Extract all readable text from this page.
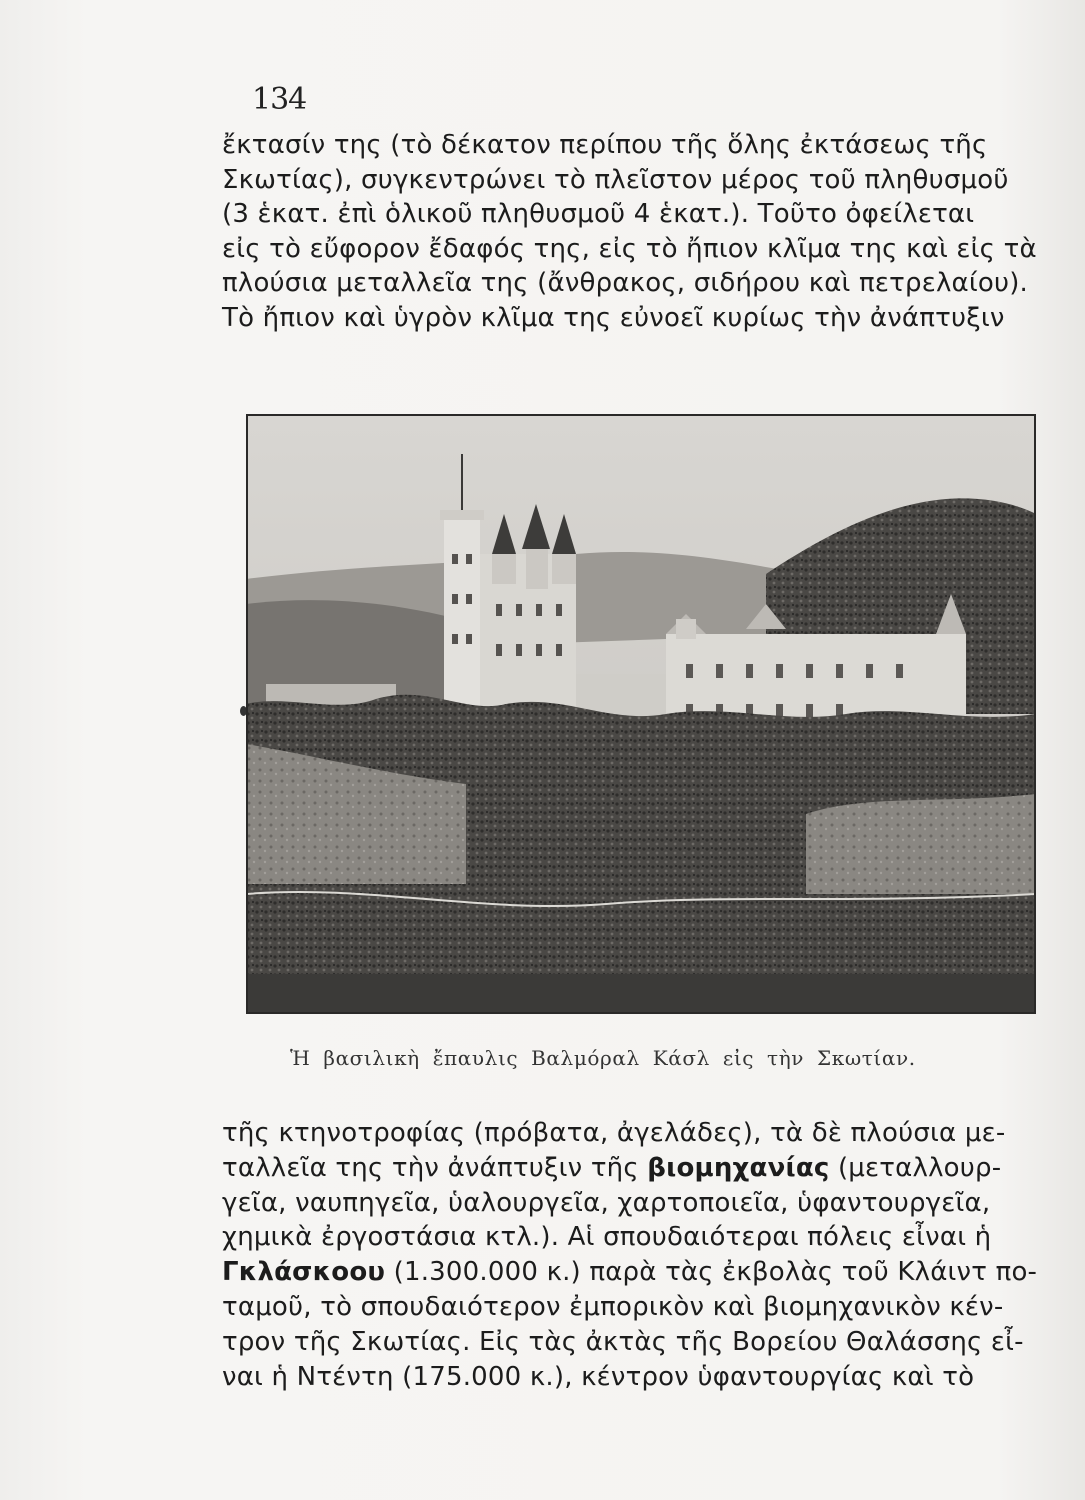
134
ἔκτασίν της (τὸ δέκατον περίπου τῆς ὅλης ἐκτάσεως τῆς
Σκωτίας), συγκεντρώνει τὸ πλεῖστον μέρος τοῦ πληθυσμοῦ
(3 ἑκατ. ἐπὶ ὁλικοῦ πληθυσμοῦ 4 ἑκατ.). Τοῦτο ὀφείλεται
εἰς τὸ εὔφορον ἔδαφός της, εἰς τὸ ἤπιον κλῖμα της καὶ εἰς τὰ
πλούσια μεταλλεῖα της (ἄνθρακος, σιδήρου καὶ πετρελαίου).
Τὸ ἤπιον καὶ ὑγρὸν κλῖμα της εὐνοεῖ κυρίως τὴν ἀνάπτυξιν
Ἡ βασιλικὴ ἔπαυλις Βαλμόραλ Κάσλ εἰς τὴν Σκωτίαν.
τῆς κτηνοτροφίας (πρόβατα, ἀγελάδες), τὰ δὲ πλούσια με-
ταλλεῖα της τὴν ἀνάπτυξιν τῆς βιομηχανίας (μεταλλουρ-
γεῖα, ναυπηγεῖα, ὑαλουργεῖα, χαρτοποιεῖα, ὑφαντουργεῖα,
χημικὰ ἐργοστάσια κτλ.). Αἱ σπουδαιότεραι πόλεις εἶναι ἡ
Γκλάσκοου (1.300.000 κ.) παρὰ τὰς ἐκβολὰς τοῦ Κλάιντ πο-
ταμοῦ, τὸ σπουδαιότερον ἐμπορικὸν καὶ βιομηχανικὸν κέν-
τρον τῆς Σκωτίας. Εἰς τὰς ἀκτὰς τῆς Βορείου Θαλάσσης εἶ-
ναι ἡ Ντέντη (175.000 κ.), κέντρον ὑφαντουργίας καὶ τὸ
